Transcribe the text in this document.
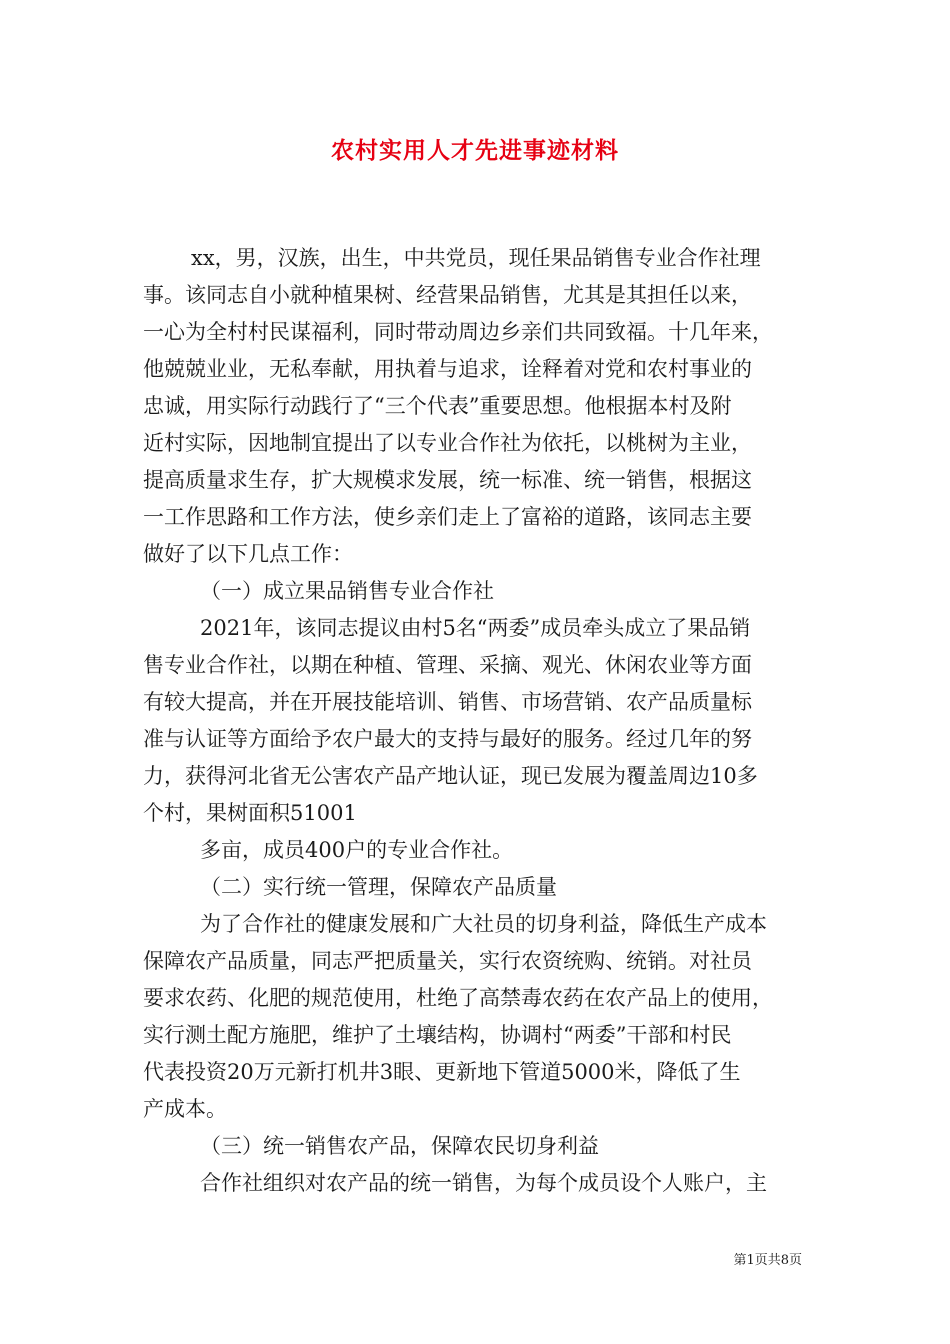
农村实用人才先进事迹材料
xx，男，汉族，出生，中共党员，现任果品销售专业合作社理
事。该同志自小就种植果树、经营果品销售，尤其是其担任以来，
一心为全村村民谋福利，同时带动周边乡亲们共同致福。十几年来，
他兢兢业业，无私奉献，用执着与追求，诠释着对党和农村事业的
忠诚，用实际行动践行了“三个代表”重要思想。他根据本村及附
近村实际，因地制宜提出了以专业合作社为依托，以桃树为主业，
提高质量求生存，扩大规模求发展，统一标准、统一销售，根据这
一工作思路和工作方法，使乡亲们走上了富裕的道路，该同志主要
做好了以下几点工作：
（一）成立果品销售专业合作社
2021年，该同志提议由村5名“两委”成员牵头成立了果品销
售专业合作社，以期在种植、管理、采摘、观光、休闲农业等方面
有较大提高，并在开展技能培训、销售、市场营销、农产品质量标
准与认证等方面给予农户最大的支持与最好的服务。经过几年的努
力，获得河北省无公害农产品产地认证，现已发展为覆盖周边10多
个村，果树面积51001
多亩，成员400户的专业合作社。
（二）实行统一管理，保障农产品质量
为了合作社的健康发展和广大社员的切身利益，降低生产成本
保障农产品质量，同志严把质量关，实行农资统购、统销。对社员
要求农药、化肥的规范使用，杜绝了高禁毒农药在农产品上的使用，
实行测土配方施肥，维护了土壤结构，协调村“两委”干部和村民
代表投资20万元新打机井3眼、更新地下管道5000米，降低了生
产成本。
（三）统一销售农产品，保障农民切身利益
合作社组织对农产品的统一销售，为每个成员设个人账户，主
第1页共8页
